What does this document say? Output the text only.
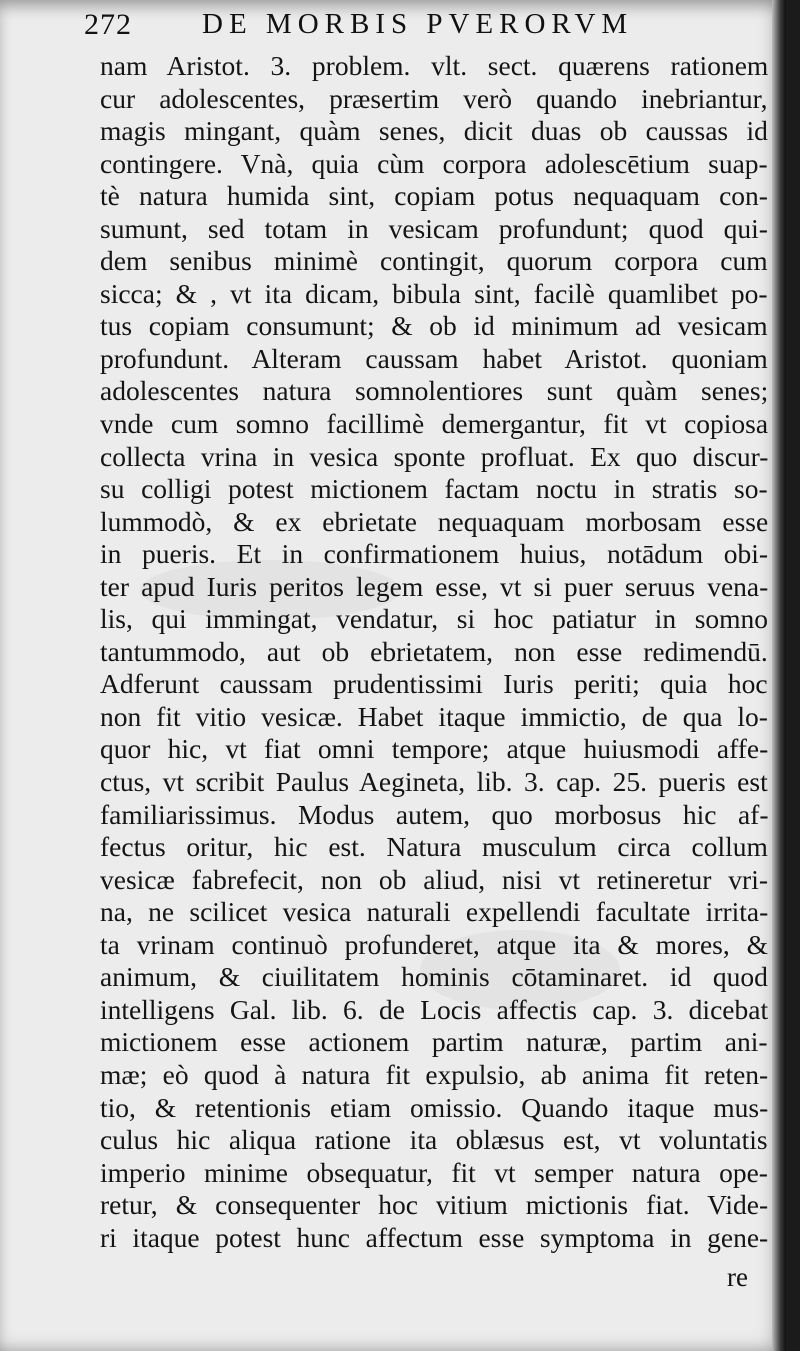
272 DE MORBIS PVERORVM
nam Aristot. 3. problem. vlt. sect. quærens rationem
cur adolescentes, præsertim verò quando inebriantur,
magis mingant, quàm senes, dicit duas ob caussas id
contingere. Vnà, quia cùm corpora adolescētium suap-
tè natura humida sint, copiam potus nequaquam con-
sumunt, sed totam in vesicam profundunt; quod qui-
dem senibus minimè contingit, quorum corpora cum
sicca; & , vt ita dicam, bibula sint, facilè quamlibet po-
tus copiam consumunt; & ob id minimum ad vesicam
profundunt. Alteram caussam habet Aristot. quoniam
adolescentes natura somnolentiores sunt quàm senes;
vnde cum somno facillimè demergantur, fit vt copiosa
collecta vrina in vesica sponte profluat. Ex quo discur-
su colligi potest mictionem factam noctu in stratis so-
lummodò, & ex ebrietate nequaquam morbosam esse
in pueris. Et in confirmationem huius, notādum obi-
ter apud Iuris peritos legem esse, vt si puer seruus vena-
lis, qui immingat, vendatur, si hoc patiatur in somno
tantummodo, aut ob ebrietatem, non esse redimendū.
Adferunt caussam prudentissimi Iuris periti; quia hoc
non fit vitio vesicæ. Habet itaque immictio, de qua lo-
quor hic, vt fiat omni tempore; atque huiusmodi affe-
ctus, vt scribit Paulus Aegineta, lib. 3. cap. 25. pueris est
familiarissimus. Modus autem, quo morbosus hic af-
fectus oritur, hic est. Natura musculum circa collum
vesicæ fabrefecit, non ob aliud, nisi vt retineretur vri-
na, ne scilicet vesica naturali expellendi facultate irrita-
ta vrinam continuò profunderet, atque ita & mores, &
animum, & ciuilitatem hominis cōtaminaret. id quod
intelligens Gal. lib. 6. de Locis affectis cap. 3. dicebat
mictionem esse actionem partim naturæ, partim ani-
mæ; eò quod à natura fit expulsio, ab anima fit reten-
tio, & retentionis etiam omissio. Quando itaque mus-
culus hic aliqua ratione ita oblæsus est, vt voluntatis
imperio minime obsequatur, fit vt semper natura ope-
retur, & consequenter hoc vitium mictionis fiat. Vide-
ri itaque potest hunc affectum esse symptoma in gene-
re
